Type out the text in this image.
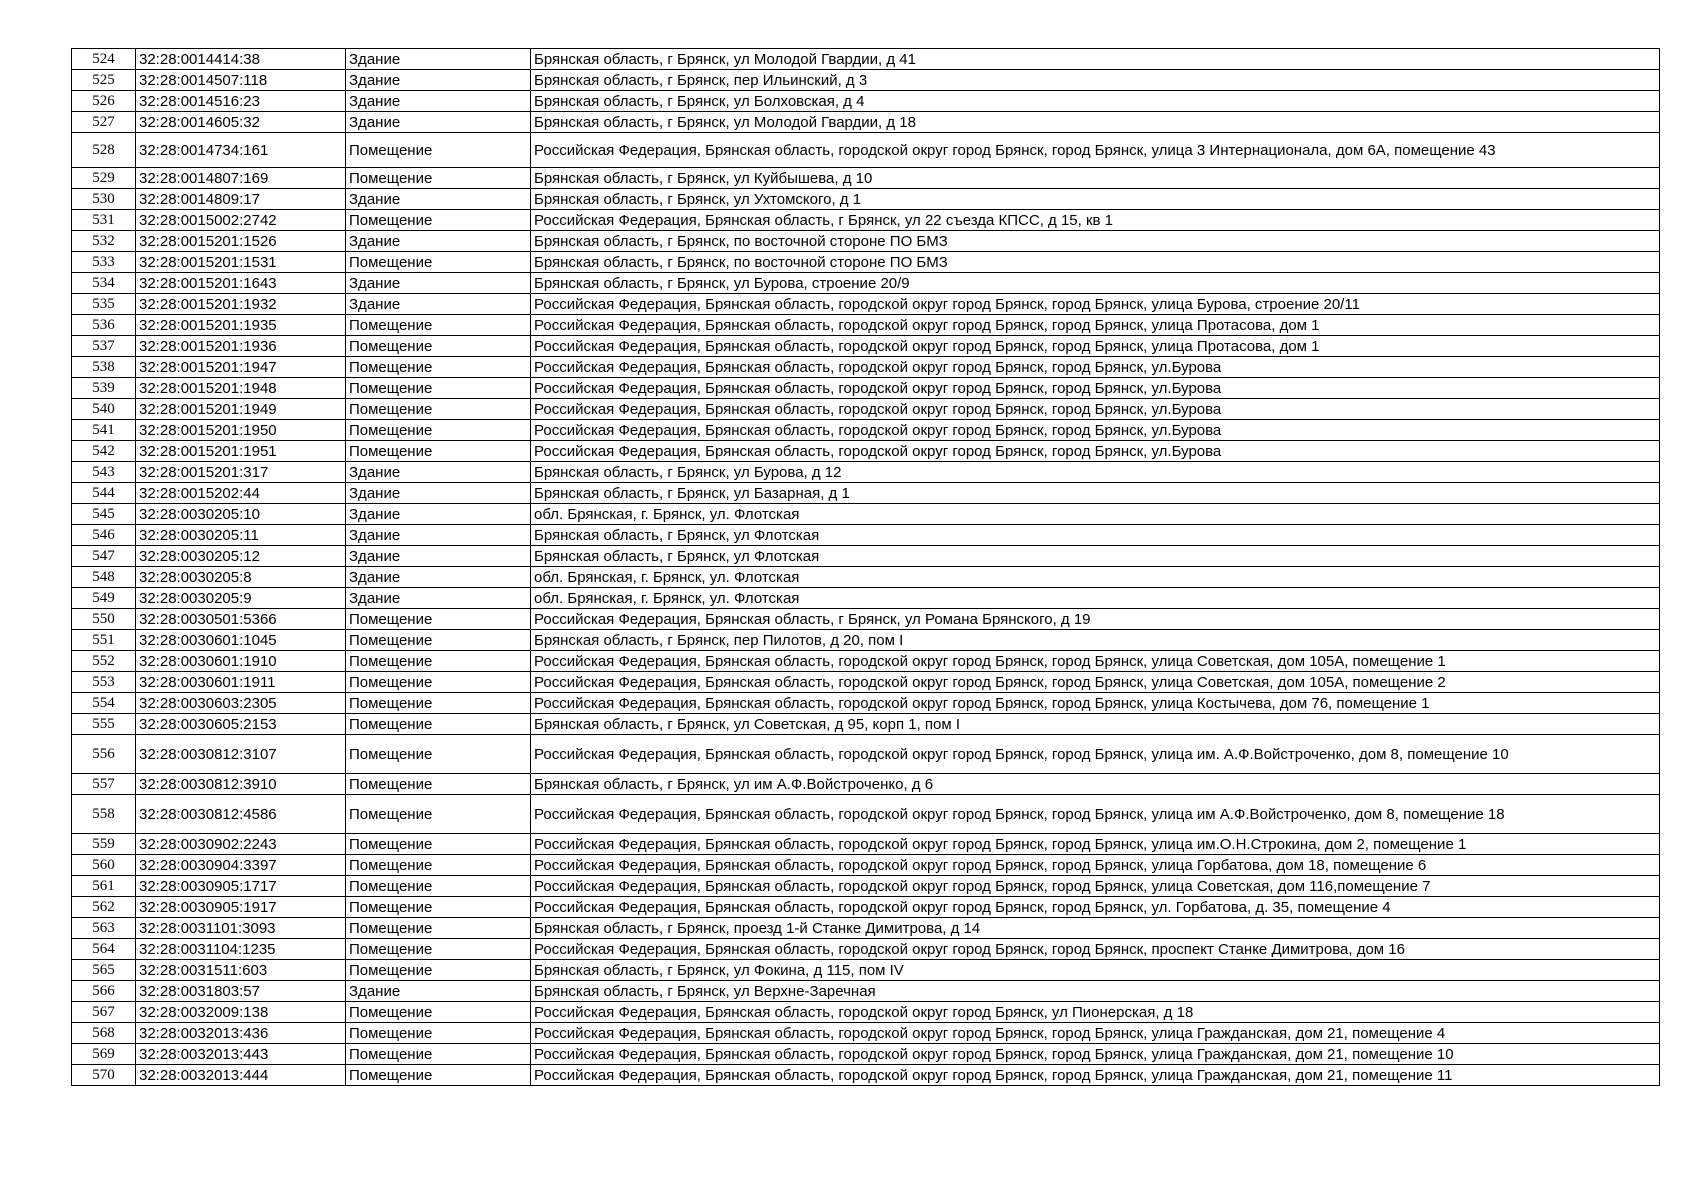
524	32:28:0014414:38	Здание	Брянская область, г Брянск, ул Молодой Гвардии, д 41
525	32:28:0014507:118	Здание	Брянская область, г Брянск, пер Ильинский, д 3
526	32:28:0014516:23	Здание	Брянская область, г Брянск, ул Болховская, д 4
527	32:28:0014605:32	Здание	Брянская область, г Брянск, ул Молодой Гвардии, д 18
528	32:28:0014734:161	Помещение	Российская Федерация, Брянская область, городской округ город Брянск, город Брянск, улица 3 Интернационала, дом 6А, помещение 43
529	32:28:0014807:169	Помещение	Брянская область, г Брянск, ул Куйбышева, д 10
530	32:28:0014809:17	Здание	Брянская область, г Брянск, ул Ухтомского, д 1
531	32:28:0015002:2742	Помещение	Российская Федерация, Брянская область, г Брянск, ул 22 съезда КПСС, д 15, кв 1
532	32:28:0015201:1526	Здание	Брянская область, г Брянск, по восточной стороне ПО БМЗ
533	32:28:0015201:1531	Помещение	Брянская область, г Брянск, по восточной стороне ПО БМЗ
534	32:28:0015201:1643	Здание	Брянская область, г Брянск, ул Бурова, строение 20/9
535	32:28:0015201:1932	Здание	Российская Федерация, Брянская область, городской округ город Брянск, город Брянск, улица Бурова, строение 20/11
536	32:28:0015201:1935	Помещение	Российская Федерация, Брянская область, городской округ город Брянск, город Брянск, улица Протасова, дом 1
537	32:28:0015201:1936	Помещение	Российская Федерация, Брянская область, городской округ город Брянск, город Брянск, улица Протасова, дом 1
538	32:28:0015201:1947	Помещение	Российская Федерация, Брянская область, городской округ город Брянск, город Брянск, ул.Бурова
539	32:28:0015201:1948	Помещение	Российская Федерация, Брянская область, городской округ город Брянск, город Брянск, ул.Бурова
540	32:28:0015201:1949	Помещение	Российская Федерация, Брянская область, городской округ город Брянск, город Брянск, ул.Бурова
541	32:28:0015201:1950	Помещение	Российская Федерация, Брянская область, городской округ город Брянск, город Брянск, ул.Бурова
542	32:28:0015201:1951	Помещение	Российская Федерация, Брянская область, городской округ город Брянск, город Брянск, ул.Бурова
543	32:28:0015201:317	Здание	Брянская область, г Брянск, ул Бурова, д 12
544	32:28:0015202:44	Здание	Брянская область, г Брянск, ул Базарная, д 1
545	32:28:0030205:10	Здание	обл. Брянская, г. Брянск, ул. Флотская
546	32:28:0030205:11	Здание	Брянская область, г Брянск, ул Флотская
547	32:28:0030205:12	Здание	Брянская область, г Брянск, ул Флотская
548	32:28:0030205:8	Здание	обл. Брянская, г. Брянск, ул. Флотская
549	32:28:0030205:9	Здание	обл. Брянская, г. Брянск, ул. Флотская
550	32:28:0030501:5366	Помещение	Российская Федерация, Брянская область, г Брянск, ул Романа Брянского, д 19
551	32:28:0030601:1045	Помещение	Брянская область, г Брянск, пер Пилотов, д 20, пом I
552	32:28:0030601:1910	Помещение	Российская Федерация, Брянская область, городской округ город Брянск, город Брянск, улица Советская, дом 105А, помещение 1
553	32:28:0030601:1911	Помещение	Российская Федерация, Брянская область, городской округ город Брянск, город Брянск, улица Советская, дом 105А, помещение 2
554	32:28:0030603:2305	Помещение	Российская Федерация, Брянская область, городской округ город Брянск, город Брянск, улица Костычева, дом 76, помещение 1
555	32:28:0030605:2153	Помещение	Брянская область, г Брянск, ул Советская, д 95, корп 1, пом I
556	32:28:0030812:3107	Помещение	Российская Федерация, Брянская область, городской округ город Брянск, город Брянск, улица им. А.Ф.Войстроченко, дом 8, помещение 10
557	32:28:0030812:3910	Помещение	Брянская область, г Брянск, ул им А.Ф.Войстроченко, д 6
558	32:28:0030812:4586	Помещение	Российская Федерация, Брянская область, городской округ город Брянск, город Брянск, улица им А.Ф.Войстроченко, дом 8, помещение 18
559	32:28:0030902:2243	Помещение	Российская Федерация, Брянская область, городской округ город Брянск, город Брянск, улица им.О.Н.Строкина, дом 2, помещение 1
560	32:28:0030904:3397	Помещение	Российская Федерация, Брянская область, городской округ город Брянск, город Брянск, улица Горбатова, дом 18, помещение 6
561	32:28:0030905:1717	Помещение	Российская Федерация, Брянская область, городской округ город Брянск, город Брянск, улица Советская, дом 116,помещение 7
562	32:28:0030905:1917	Помещение	Российская Федерация, Брянская область, городской округ город Брянск, город Брянск, ул. Горбатова, д. 35, помещение 4
563	32:28:0031101:3093	Помещение	Брянская область, г Брянск, проезд 1-й Станке Димитрова, д 14
564	32:28:0031104:1235	Помещение	Российская Федерация, Брянская область, городской округ город Брянск, город Брянск, проспект Станке Димитрова, дом 16
565	32:28:0031511:603	Помещение	Брянская область, г Брянск, ул Фокина, д 115, пом IV
566	32:28:0031803:57	Здание	Брянская область, г Брянск, ул Верхне-Заречная
567	32:28:0032009:138	Помещение	Российская Федерация, Брянская область, городской округ город Брянск, ул Пионерская, д 18
568	32:28:0032013:436	Помещение	Российская Федерация, Брянская область, городской округ город Брянск, город Брянск, улица Гражданская, дом 21, помещение 4
569	32:28:0032013:443	Помещение	Российская Федерация, Брянская область, городской округ город Брянск, город Брянск, улица Гражданская, дом 21, помещение 10
570	32:28:0032013:444	Помещение	Российская Федерация, Брянская область, городской округ город Брянск, город Брянск, улица Гражданская, дом 21, помещение 11
